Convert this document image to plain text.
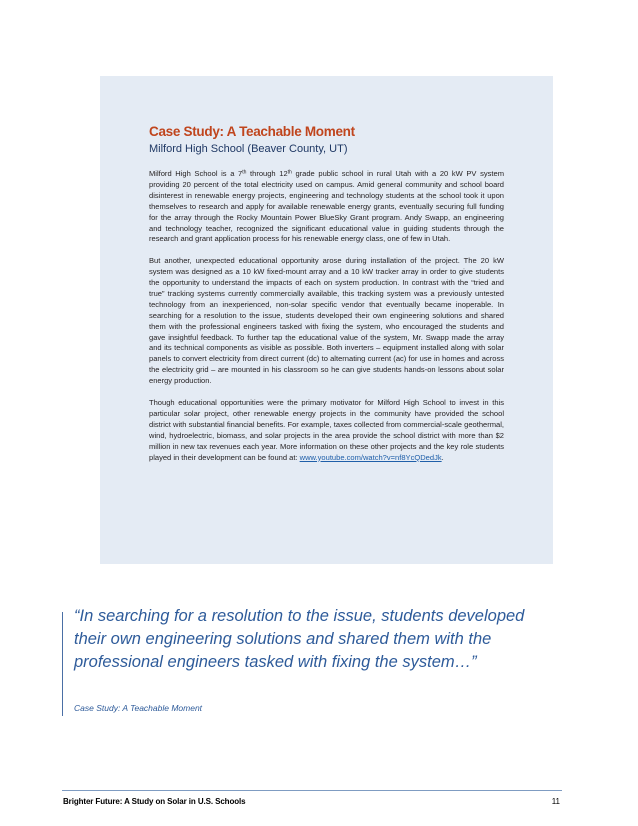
Case Study: A Teachable Moment
Milford High School (Beaver County, UT)

Milford High School is a 7th through 12th grade public school in rural Utah with a 20 kW PV system providing 20 percent of the total electricity used on campus. Amid general community and school board disinterest in renewable energy projects, engineering and technology students at the school took it upon themselves to research and apply for available renewable energy grants, eventually securing full funding for the array through the Rocky Mountain Power BlueSky Grant program. Andy Swapp, an engineering and technology teacher, recognized the significant educational value in guiding students through the research and grant application process for his renewable energy class, one of few in Utah.

But another, unexpected educational opportunity arose during installation of the project. The 20 kW system was designed as a 10 kW fixed-mount array and a 10 kW tracker array in order to give students the opportunity to understand the impacts of each on system production. In contrast with the “tried and true” tracking systems currently commercially available, this tracking system was a previously untested technology from an inexperienced, non-solar specific vendor that eventually became inoperable. In searching for a resolution to the issue, students developed their own engineering solutions and shared them with the professional engineers tasked with fixing the system, who encouraged the students and gave insightful feedback. To further tap the educational value of the system, Mr. Swapp made the array and its technical components as visible as possible. Both inverters – equipment installed along with solar panels to convert electricity from direct current (dc) to alternating current (ac) for use in homes and across the electricity grid – are mounted in his classroom so he can give students hands-on lessons about solar energy production.

Though educational opportunities were the primary motivator for Milford High School to invest in this particular solar project, other renewable energy projects in the community have provided the school district with substantial financial benefits. For example, taxes collected from commercial-scale geothermal, wind, hydroelectric, biomass, and solar projects in the area provide the school district with more than $2 million in new tax revenues each year. More information on these other projects and the key role students played in their development can be found at: www.youtube.com/watch?v=nf8YcQDedJk.

“In searching for a resolution to the issue, students developed their own engineering solutions and shared them with the professional engineers tasked with fixing the system…”
Case Study: A Teachable Moment
Brighter Future: A Study on Solar in U.S. Schools	11
